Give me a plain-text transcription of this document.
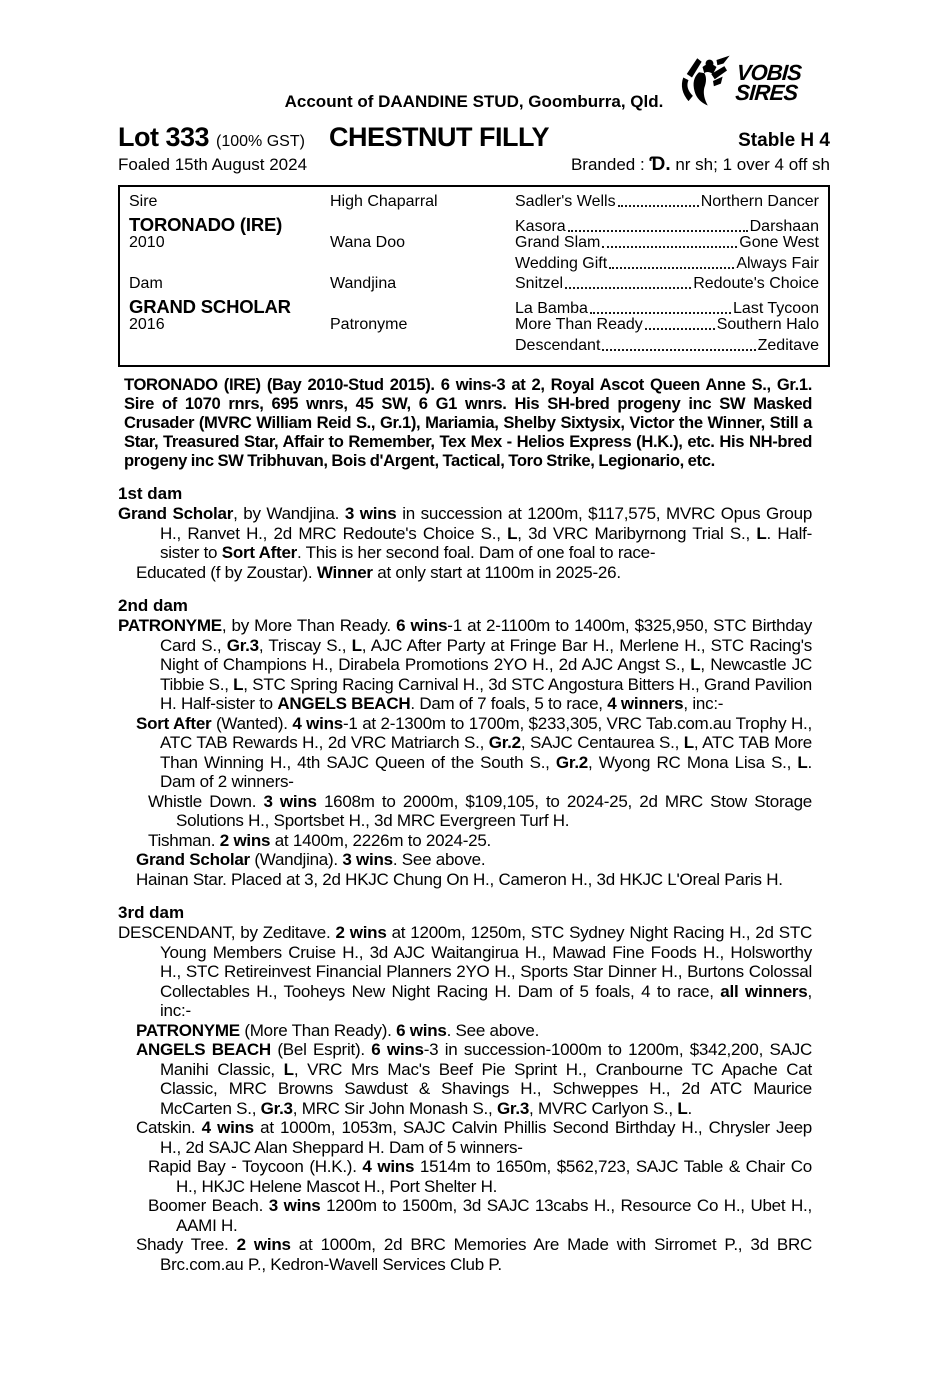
VOBIS
SIRES
Account of DAANDINE STUD, Goomburra, Qld.
Lot 333 (100% GST) CHESTNUT FILLY	Stable H 4
Foaled 15th August 2024	Branded : Ɗ. nr sh; 1 over 4 off sh
Sire	High Chaparral	Sadler's Wells	Northern Dancer
TORONADO (IRE)	Kasora	Darshaan
2010	Wana Doo	Grand Slam	Gone West
Wedding Gift	Always Fair
Dam	Wandjina	Snitzel	Redoute's Choice
GRAND SCHOLAR	La Bamba	Last Tycoon
2016	Patronyme	More Than Ready	Southern Halo
Descendant	Zeditave
TORONADO (IRE) (Bay 2010-Stud 2015). 6 wins-3 at 2, Royal Ascot Queen Anne S., Gr.1. Sire of 1070 rnrs, 695 wnrs, 45 SW, 6 G1 wnrs. His SH-bred progeny inc SW Masked Crusader (MVRC William Reid S., Gr.1), Mariamia, Shelby Sixtysix, Victor the Winner, Still a Star, Treasured Star, Affair to Remember, Tex Mex - Helios Express (H.K.), etc. His NH-bred progeny inc SW Tribhuvan, Bois d'Argent, Tactical, Toro Strike, Legionario, etc.
1st dam
Grand Scholar, by Wandjina. 3 wins in succession at 1200m, $117,575, MVRC Opus Group H., Ranvet H., 2d MRC Redoute's Choice S., L, 3d VRC Maribyrnong Trial S., L. Half-sister to Sort After. This is her second foal. Dam of one foal to race-
Educated (f by Zoustar). Winner at only start at 1100m in 2025-26.
2nd dam
PATRONYME, by More Than Ready. 6 wins-1 at 2-1100m to 1400m, $325,950, STC Birthday Card S., Gr.3, Triscay S., L, AJC After Party at Fringe Bar H., Merlene H., STC Racing's Night of Champions H., Dirabela Promotions 2YO H., 2d AJC Angst S., L, Newcastle JC Tibbie S., L, STC Spring Racing Carnival H., 3d STC Angostura Bitters H., Grand Pavilion H. Half-sister to ANGELS BEACH. Dam of 7 foals, 5 to race, 4 winners, inc:-
Sort After (Wanted). 4 wins-1 at 2-1300m to 1700m, $233,305, VRC Tab.com.au Trophy H., ATC TAB Rewards H., 2d VRC Matriarch S., Gr.2, SAJC Centaurea S., L, ATC TAB More Than Winning H., 4th SAJC Queen of the South S., Gr.2, Wyong RC Mona Lisa S., L. Dam of 2 winners-
Whistle Down. 3 wins 1608m to 2000m, $109,105, to 2024-25, 2d MRC Stow Storage Solutions H., Sportsbet H., 3d MRC Evergreen Turf H.
Tishman. 2 wins at 1400m, 2226m to 2024-25.
Grand Scholar (Wandjina). 3 wins. See above.
Hainan Star. Placed at 3, 2d HKJC Chung On H., Cameron H., 3d HKJC L'Oreal Paris H.
3rd dam
DESCENDANT, by Zeditave. 2 wins at 1200m, 1250m, STC Sydney Night Racing H., 2d STC Young Members Cruise H., 3d AJC Waitangirua H., Mawad Fine Foods H., Holsworthy H., STC Retireinvest Financial Planners 2YO H., Sports Star Dinner H., Burtons Colossal Collectables H., Tooheys New Night Racing H. Dam of 5 foals, 4 to race, all winners, inc:-
PATRONYME (More Than Ready). 6 wins. See above.
ANGELS BEACH (Bel Esprit). 6 wins-3 in succession-1000m to 1200m, $342,200, SAJC Manihi Classic, L, VRC Mrs Mac's Beef Pie Sprint H., Cranbourne TC Apache Cat Classic, MRC Browns Sawdust & Shavings H., Schweppes H., 2d ATC Maurice McCarten S., Gr.3, MRC Sir John Monash S., Gr.3, MVRC Carlyon S., L.
Catskin. 4 wins at 1000m, 1053m, SAJC Calvin Phillis Second Birthday H., Chrysler Jeep H., 2d SAJC Alan Sheppard H. Dam of 5 winners-
Rapid Bay - Toycoon (H.K.). 4 wins 1514m to 1650m, $562,723, SAJC Table & Chair Co H., HKJC Helene Mascot H., Port Shelter H.
Boomer Beach. 3 wins 1200m to 1500m, 3d SAJC 13cabs H., Resource Co H., Ubet H., AAMI H.
Shady Tree. 2 wins at 1000m, 2d BRC Memories Are Made with Sirromet P., 3d BRC Brc.com.au P., Kedron-Wavell Services Club P.
